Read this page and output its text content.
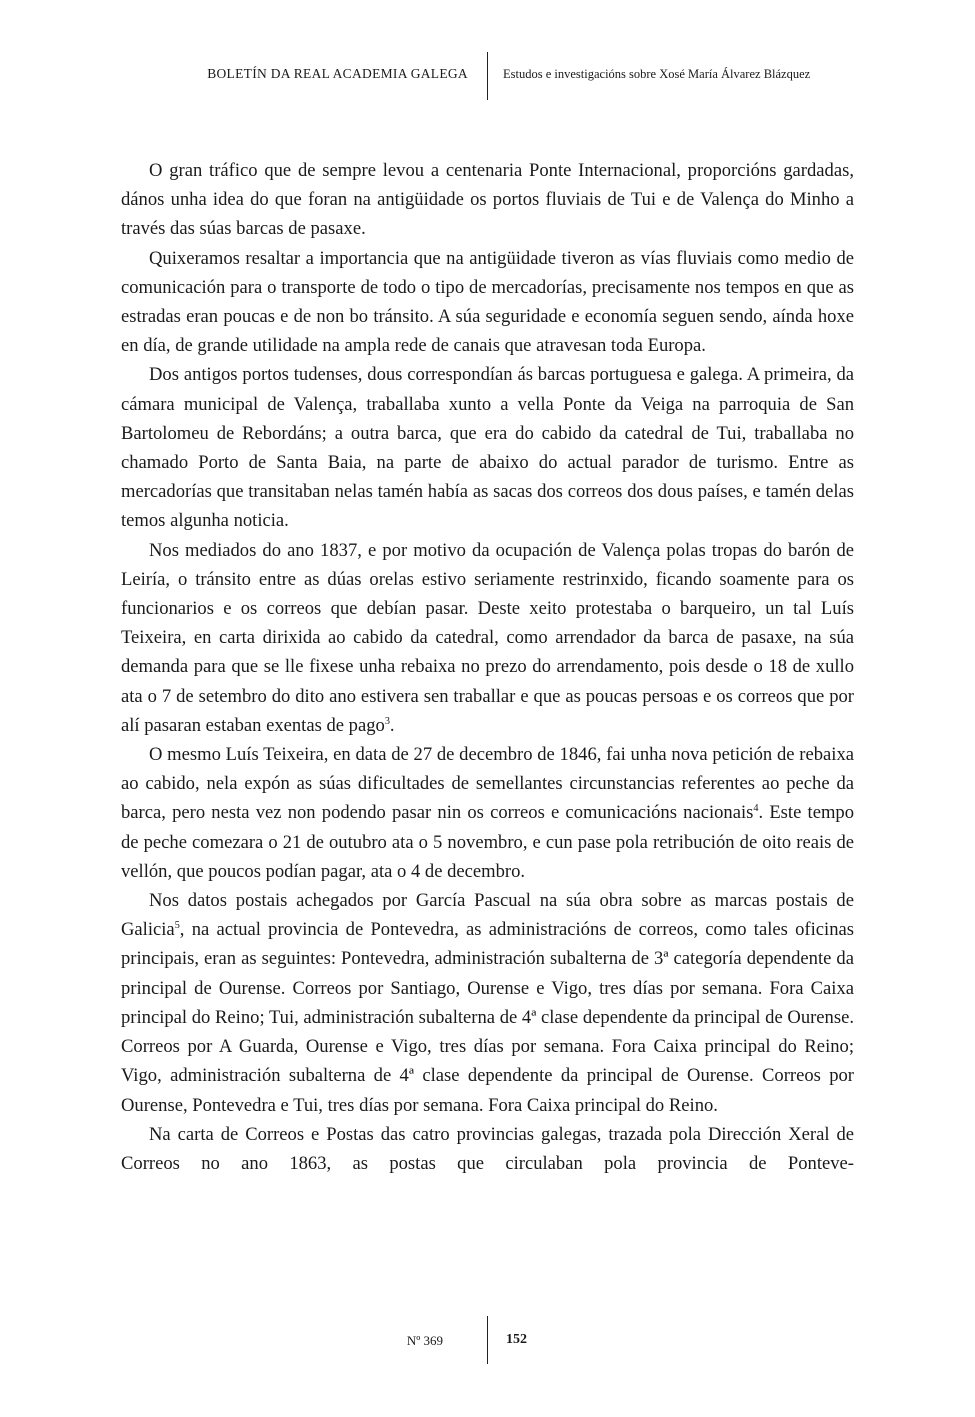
BOLETÍN DA REAL ACADEMIA GALEGA	Estudos e investigacións sobre Xosé María Álvarez Blázquez

O gran tráfico que de sempre levou a centenaria Ponte Internacional, proporcións gardadas, dános unha idea do que foran na antigüidade os portos fluviais de Tui e de Valença do Minho a través das súas barcas de pasaxe.

Quixeramos resaltar a importancia que na antigüidade tiveron as vías fluviais como medio de comunicación para o transporte de todo o tipo de mercadorías, precisamente nos tempos en que as estradas eran poucas e de non bo tránsito. A súa seguridade e economía seguen sendo, aínda hoxe en día, de grande utilidade na ampla rede de canais que atravesan toda Europa.

Dos antigos portos tudenses, dous correspondían ás barcas portuguesa e galega. A primeira, da cámara municipal de Valença, traballaba xunto a vella Ponte da Veiga na parroquia de San Bartolomeu de Rebordáns; a outra barca, que era do cabido da catedral de Tui, traballaba no chamado Porto de Santa Baia, na parte de abaixo do actual parador de turismo. Entre as mercadorías que transitaban nelas tamén había as sacas dos correos dos dous países, e tamén delas temos algunha noticia.

Nos mediados do ano 1837, e por motivo da ocupación de Valença polas tropas do barón de Leiría, o tránsito entre as dúas orelas estivo seriamente restrinxido, ficando soamente para os funcionarios e os correos que debían pasar. Deste xeito protestaba o barqueiro, un tal Luís Teixeira, en carta dirixida ao cabido da catedral, como arrendador da barca de pasaxe, na súa demanda para que se lle fixese unha rebaixa no prezo do arrendamento, pois desde o 18 de xullo ata o 7 de setembro do dito ano estivera sen traballar e que as poucas persoas e os correos que por alí pasaran estaban exentas de pago$^3$.

O mesmo Luís Teixeira, en data de 27 de decembro de 1846, fai unha nova petición de rebaixa ao cabido, nela expón as súas dificultades de semellantes circunstancias referentes ao peche da barca, pero nesta vez non podendo pasar nin os correos e comunicacións nacionais$^4$. Este tempo de peche comezara o 21 de outubro ata o 5 novembro, e cun pase pola retribución de oito reais de vellón, que poucos podían pagar, ata o 4 de decembro.

Nos datos postais achegados por García Pascual na súa obra sobre as marcas postais de Galicia$^5$, na actual provincia de Pontevedra, as administracións de correos, como tales oficinas principais, eran as seguintes: Pontevedra, administración subalterna de 3ª categoría dependente da principal de Ourense. Correos por Santiago, Ourense e Vigo, tres días por semana. Fora Caixa principal do Reino; Tui, administración subalterna de 4ª clase dependente da principal de Ourense. Correos por A Guarda, Ourense e Vigo, tres días por semana. Fora Caixa principal do Reino; Vigo, administración subalterna de 4ª clase dependente da principal de Ourense. Correos por Ourense, Pontevedra e Tui, tres días por semana. Fora Caixa principal do Reino.

Na carta de Correos e Postas das catro provincias galegas, trazada pola Dirección Xeral de Correos no ano 1863, as postas que circulaban pola provincia de Ponteve-

Nº 369	152
